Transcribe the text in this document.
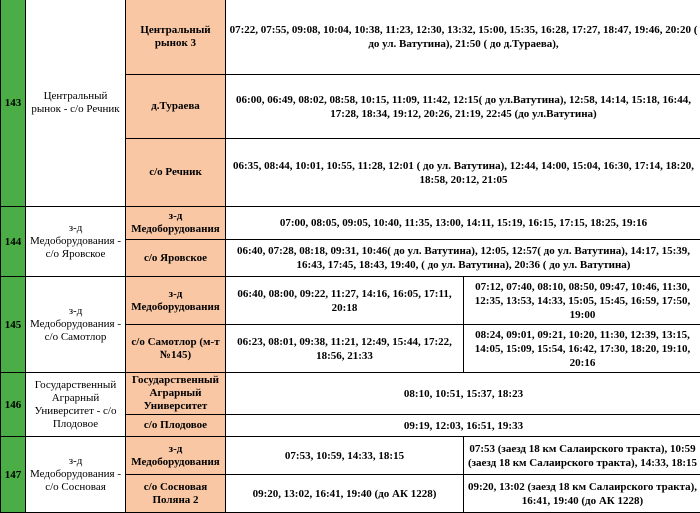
143	Центральный рынок - с/о Речник	Центральный рынок 3	07:22, 07:55, 09:08, 10:04, 10:38, 11:23, 12:30, 13:32, 15:00, 15:35, 16:28, 17:27, 18:47, 19:46, 20:20 ( до ул. Ватутина), 21:50 ( до д.Тураева),	
		д.Тураева	06:00, 06:49, 08:02, 08:58, 10:15, 11:09, 11:42, 12:15( до ул.Ватутина), 12:58, 14:14, 15:18, 16:44, 17:28, 18:34, 19:12, 20:26, 21:19, 22:45 (до ул.Ватутина)	
		с/о Речник	06:35, 08:44, 10:01, 10:55, 11:28, 12:01 ( до ул. Ватутина), 12:44, 14:00, 15:04, 16:30, 17:14, 18:20, 18:58, 20:12, 21:05	
144	з-д Медоборудования - с/о Яровское	з-д Медоборудования	07:00, 08:05, 09:05, 10:40, 11:35, 13:00, 14:11, 15:19, 16:15, 17:15, 18:25, 19:16	
		с/о Яровское	06:40, 07:28, 08:18, 09:31, 10:46( до ул. Ватутина), 12:05, 12:57( до ул. Ватутина), 14:17, 15:39, 16:43, 17:45, 18:43, 19:40, ( до ул. Ватутина), 20:36 ( до ул. Ватутина)	
145	з-д Медоборудования - с/о Самотлор	з-д Медоборудования	06:40, 08:00, 09:22, 11:27, 14:16, 16:05, 17:11, 20:18	07:12, 07:40, 08:10, 08:50, 09:47, 10:46, 11:30, 12:35, 13:53, 14:33, 15:05, 15:45, 16:59, 17:50, 19:00
		с/о Самотлор (м-т №145)	06:23, 08:01, 09:38, 11:21, 12:49, 15:44, 17:22, 18:56, 21:33	08:24, 09:01, 09:21, 10:20, 11:30, 12:39, 13:15, 14:05, 15:09, 15:54, 16:42, 17:30, 18:20, 19:10, 20:16
146	Государственный Аграрный Университет - с/о Плодовое	Государственный Аграрный Университет	08:10, 10:51, 15:37, 18:23	
		с/о Плодовое	09:19, 12:03, 16:51, 19:33	
147	з-д Медоборудования - с/о Сосновая	з-д Медоборудования	07:53, 10:59, 14:33, 18:15	07:53 (заезд 18 км Салаирского тракта), 10:59 (заезд 18 км Салаирского тракта), 14:33, 18:15
		с/о Сосновая Поляна 2	09:20, 13:02, 16:41, 19:40 (до АК 1228)	09:20, 13:02 (заезд 18 км Салаирского тракта), 16:41, 19:40 (до АК 1228)
